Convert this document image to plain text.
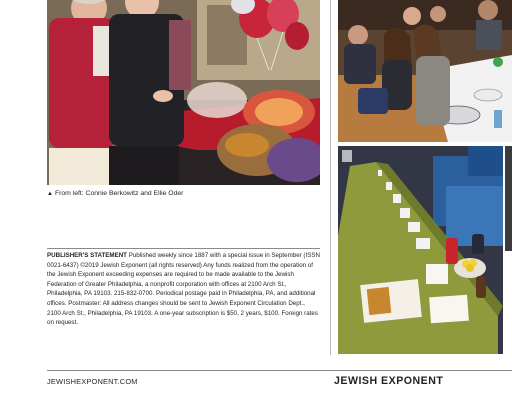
▲ From left: Connie Berkowitz and Ellie Oder
PUBLISHER'S STATEMENT Published weekly since 1887 with a special issue in September (ISSN 0021-6437) ©2019 Jewish Exponent (all rights reserved) Any funds realized from the operation of the Jewish Exponent exceeding expenses are required to be made available to the Jewish Federation of Greater Philadelphia, a nonprofit corporation with offices at 2100 Arch St., Philadelphia, PA 19103. 215-832-0700. Periodical postage paid in Philadelphia, PA, and additional offices. Postmaster: All address changes should be sent to Jewish Exponent Circulation Dept., 2100 Arch St., Philadelphia, PA 19103. A one-year subscription is $50, 2 years, $100. Foreign rates on request.
JEWISHEXPONENT.COM	JEWISH EXPONENT
